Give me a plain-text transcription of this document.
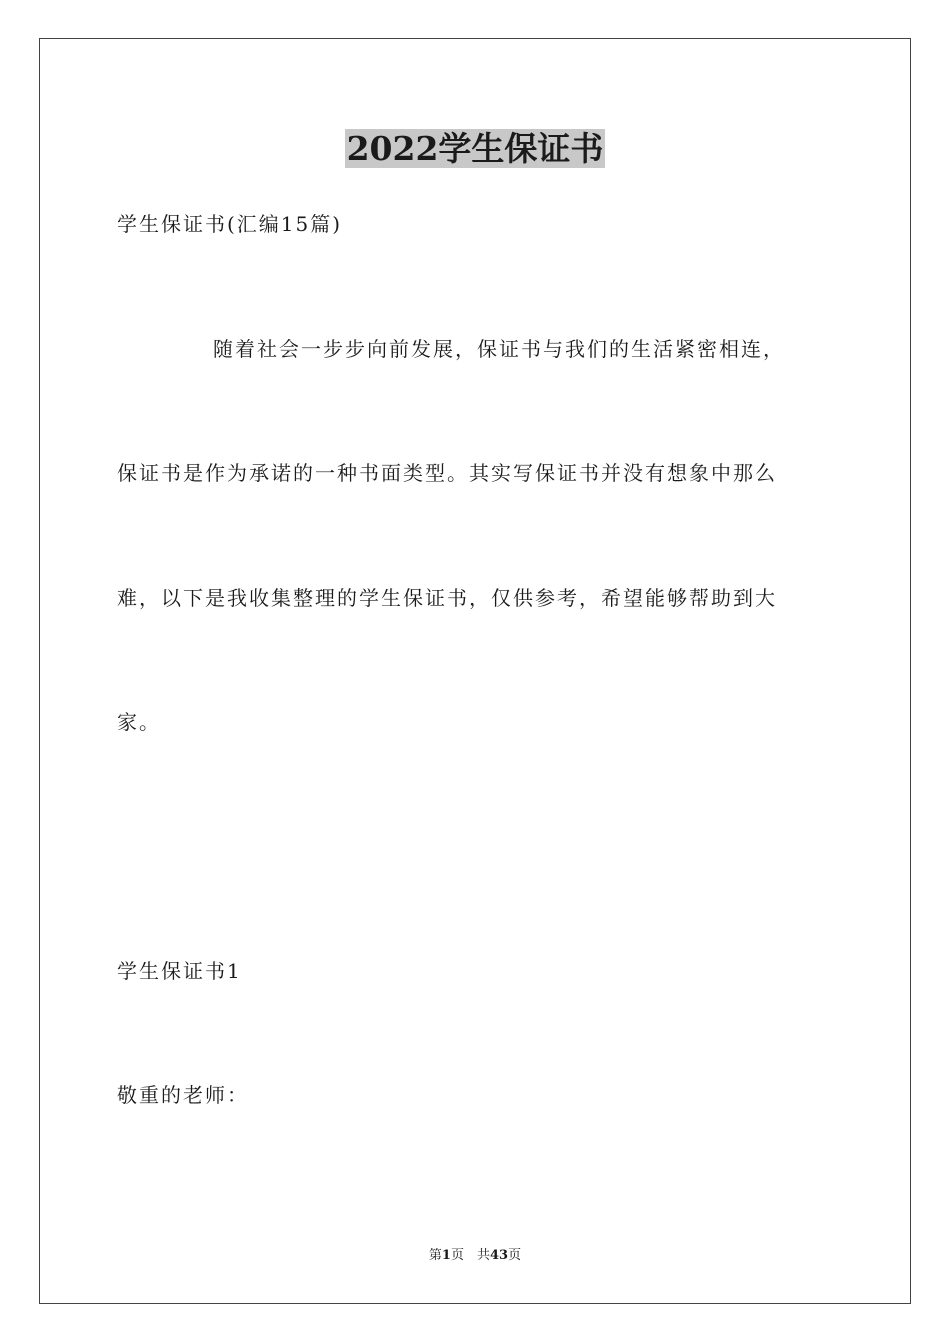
2022学生保证书
学生保证书(汇编15篇)
随着社会一步步向前发展，保证书与我们的生活紧密相连，
保证书是作为承诺的一种书面类型。其实写保证书并没有想象中那么
难，以下是我收集整理的学生保证书，仅供参考，希望能够帮助到大
家。
学生保证书1
敬重的老师：
第1页　共43页
